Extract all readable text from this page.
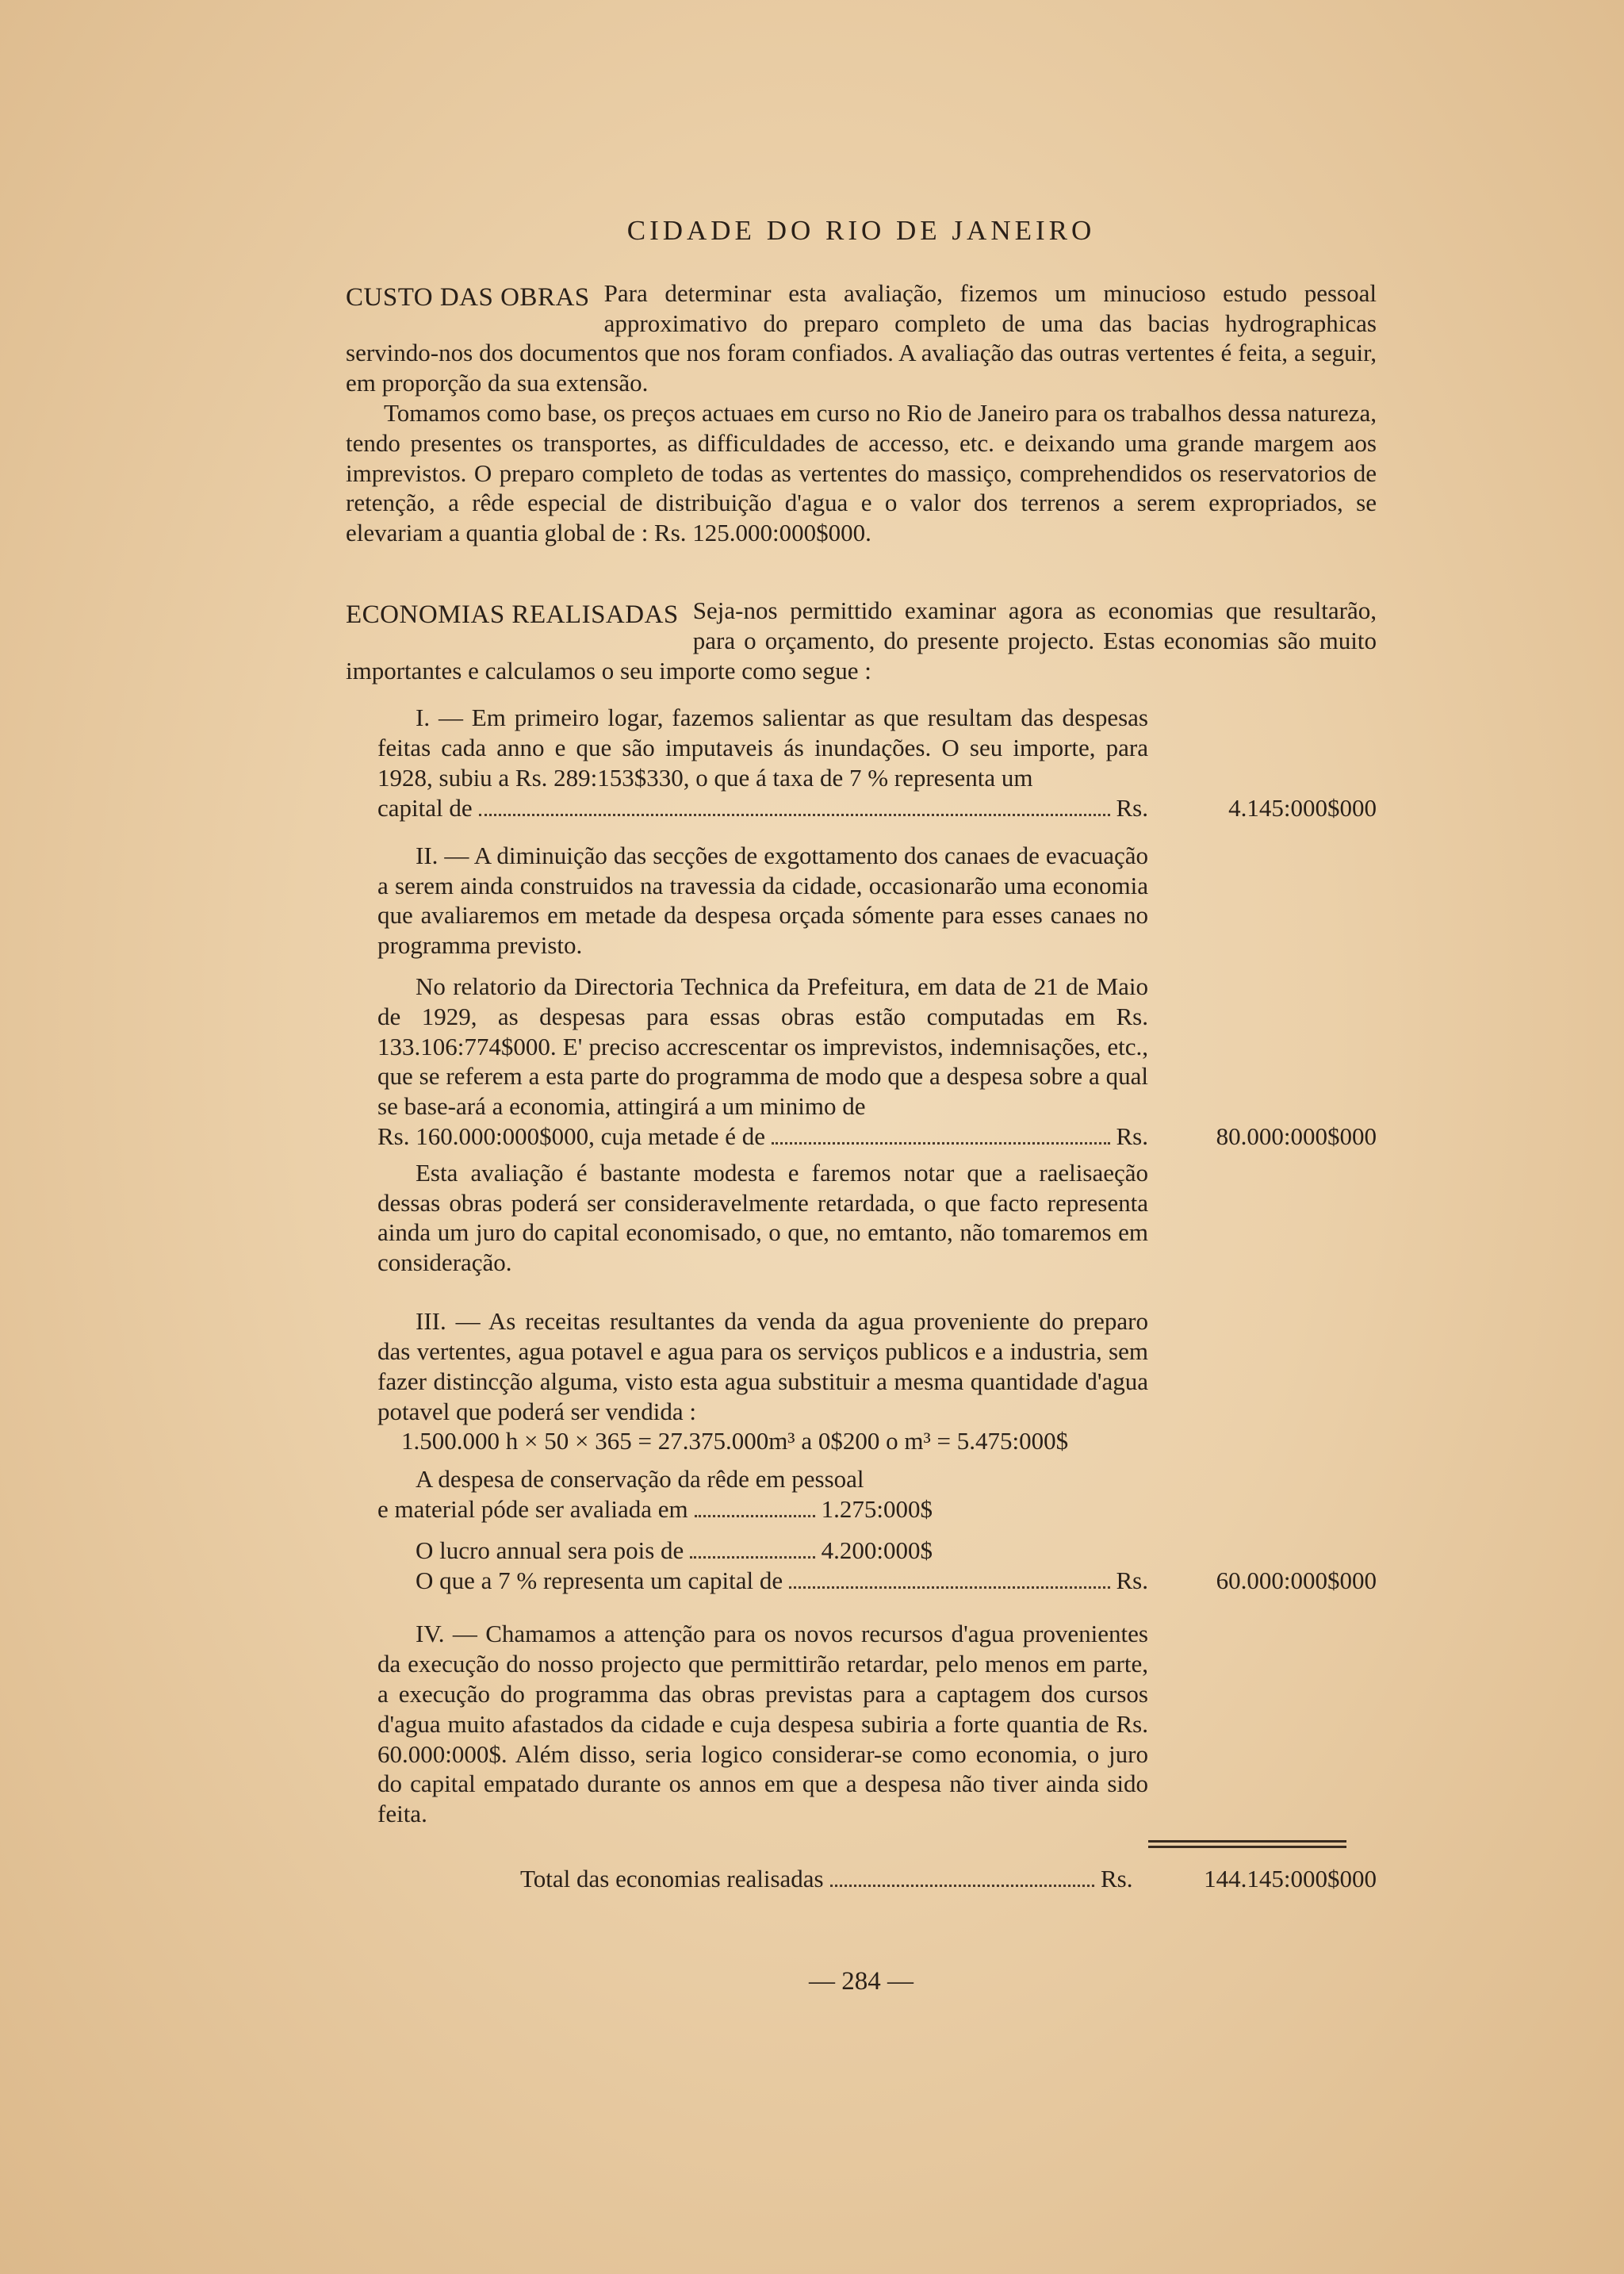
CIDADE DO RIO DE JANEIRO
CUSTO DAS OBRAS Para determinar esta avaliação, fizemos um minucioso estudo pessoal approximativo do preparo completo de uma das bacias hydrographicas servindo-nos dos documentos que nos foram confiados. A avaliação das outras vertentes é feita, a seguir, em proporção da sua extensão.

Tomamos como base, os preços actuaes em curso no Rio de Janeiro para os trabalhos dessa natureza, tendo presentes os transportes, as difficuldades de accesso, etc. e deixando uma grande margem aos imprevistos. O preparo completo de todas as vertentes do massiço, comprehendidos os reservatorios de retenção, a rêde especial de distribuição d'agua e o valor dos terrenos a serem expropriados, se elevariam a quantia global de : Rs. 125.000:000$000.

ECONOMIAS REALISADAS Seja-nos permittido examinar agora as economias que resultarão, para o orçamento, do presente projecto. Estas economias são muito importantes e calculamos o seu importe como segue :

I. — Em primeiro logar, fazemos salientar as que resultam das despesas feitas cada anno e que são imputaveis ás inundações. O seu importe, para 1928, subiu a Rs. 289:153$330, o que á taxa de 7 % representa um

capital de	Rs.	4.145:000$000

II. — A diminuição das secções de exgottamento dos canaes de evacuação a serem ainda construidos na travessia da cidade, occasionarão uma economia que avaliaremos em metade da despesa orçada sómente para esses canaes no programma previsto.

No relatorio da Directoria Technica da Prefeitura, em data de 21 de Maio de 1929, as despesas para essas obras estão computadas em Rs. 133.106:774$000. E' preciso accrescentar os imprevistos, indemnisações, etc., que se referem a esta parte do programma de modo que a despesa sobre a qual se base-ará a economia, attingirá a um minimo de

Rs. 160.000:000$000, cuja metade é de	Rs.	80.000:000$000

Esta avaliação é bastante modesta e faremos notar que a raelisaeção dessas obras poderá ser consideravelmente retardada, o que facto representa ainda um juro do capital economisado, o que, no emtanto, não tomaremos em consideração.

III. — As receitas resultantes da venda da agua proveniente do preparo das vertentes, agua potavel e agua para os serviços publicos e a industria, sem fazer distincção alguma, visto esta agua substituir a mesma quantidade d'agua potavel que poderá ser vendida :

1.500.000 h × 50 × 365 = 27.375.000m³ a 0$200 o m³ = 5.475:000$

A despesa de conservação da rêde em pessoal

e material póde ser avaliada em	1.275:000$
O lucro annual sera pois de	4.200:000$
O que a 7 % representa um capital de	Rs.	60.000:000$000

IV. — Chamamos a attenção para os novos recursos d'agua provenientes da execução do nosso projecto que permittirão retardar, pelo menos em parte, a execução do programma das obras previstas para a captagem dos cursos d'agua muito afastados da cidade e cuja despesa subiria a forte quantia de Rs. 60.000:000$. Além disso, seria logico considerar-se como economia, o juro do capital empatado durante os annos em que a despesa não tiver ainda sido feita.

Total das economias realisadas	Rs.	144.145:000$000
— 284 —
